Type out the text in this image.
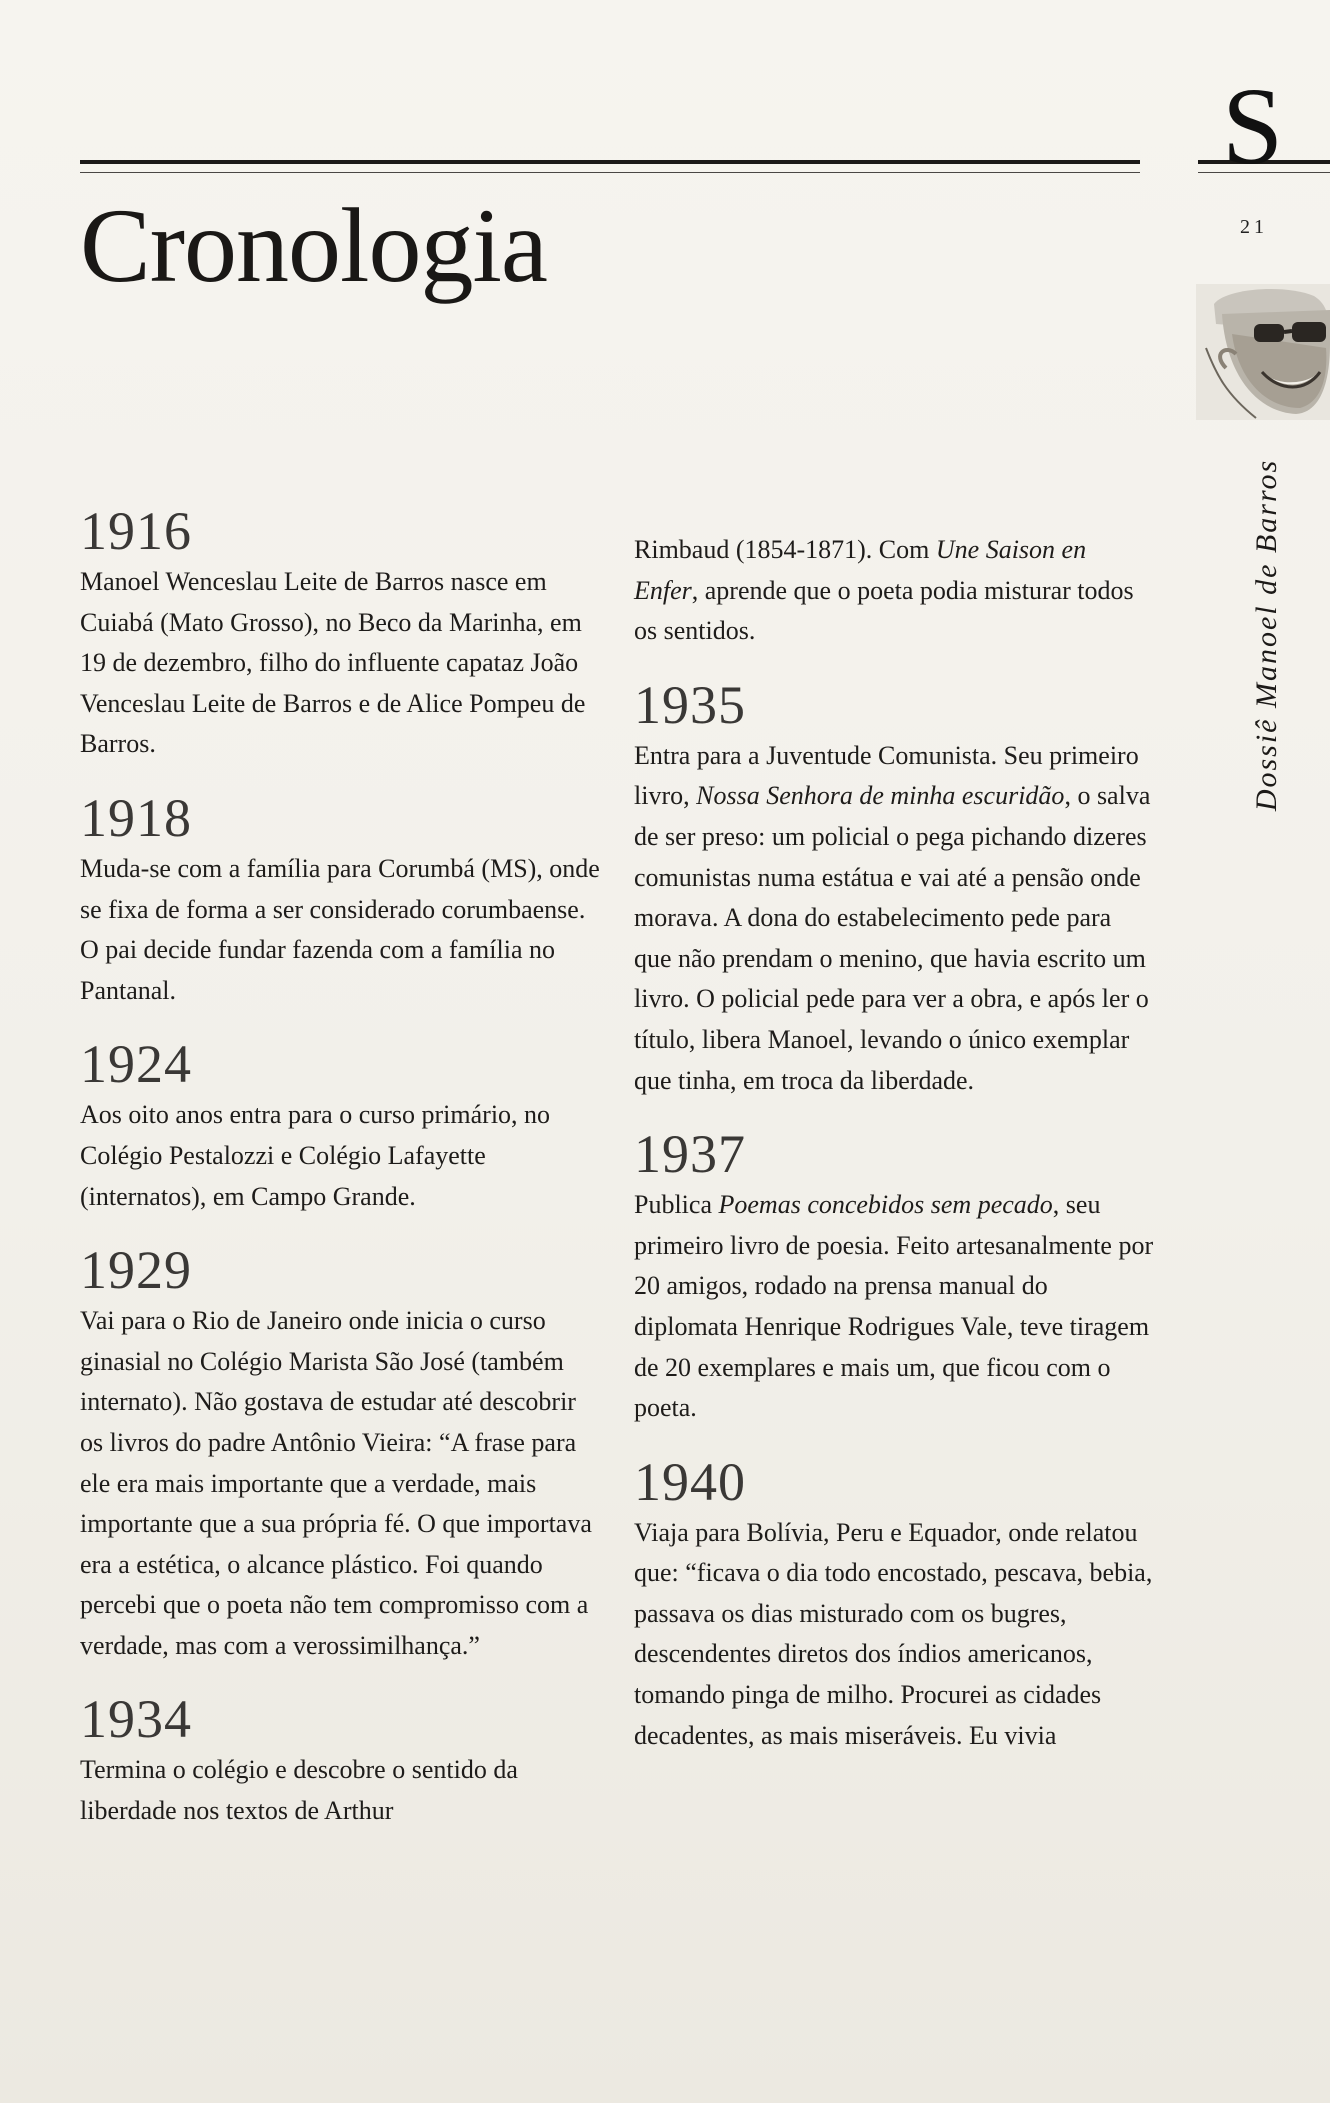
S
21
Dossiê Manoel de Barros
Cronologia
1916

Manoel Wenceslau Leite de Barros nasce em Cuiabá (Mato Grosso), no Beco da Marinha, em 19 de dezembro, filho do influente capataz João Venceslau Leite de Barros e de Alice Pompeu de Barros.

1918

Muda-se com a família para Corumbá (MS), onde se fixa de forma a ser considerado corumbaense. O pai decide fundar fazenda com a família no Pantanal.

1924

Aos oito anos entra para o curso primário, no Colégio Pestalozzi e Colégio Lafayette (internatos), em Campo Grande.

1929

Vai para o Rio de Janeiro onde inicia o curso ginasial no Colégio Marista São José (também internato). Não gostava de estudar até descobrir os livros do padre Antônio Vieira: “A frase para ele era mais importante que a verdade, mais importante que a sua própria fé. O que importava era a estética, o alcance plástico. Foi quando percebi que o poeta não tem compromisso com a verdade, mas com a verossimilhança.”

1934

Termina o colégio e descobre o sentido da liberdade nos textos de Arthur

Rimbaud (1854-1871). Com Une Saison en Enfer, aprende que o poeta podia misturar todos os sentidos.

1935

Entra para a Juventude Comunista. Seu primeiro livro, Nossa Senhora de minha escuridão, o salva de ser preso: um policial o pega pichando dizeres comunistas numa estátua e vai até a pensão onde morava. A dona do estabelecimento pede para que não prendam o menino, que havia escrito um livro. O policial pede para ver a obra, e após ler o título, libera Manoel, levando o único exemplar que tinha, em troca da liberdade.

1937

Publica Poemas concebidos sem pecado, seu primeiro livro de poesia. Feito artesanalmente por 20 amigos, rodado na prensa manual do diplomata Henrique Rodrigues Vale, teve tiragem de 20 exemplares e mais um, que ficou com o poeta.

1940

Viaja para Bolívia, Peru e Equador, onde relatou que: “ficava o dia todo encostado, pescava, bebia, passava os dias misturado com os bugres, descendentes diretos dos índios americanos, tomando pinga de milho. Procurei as cidades decadentes, as mais miseráveis. Eu vivia
